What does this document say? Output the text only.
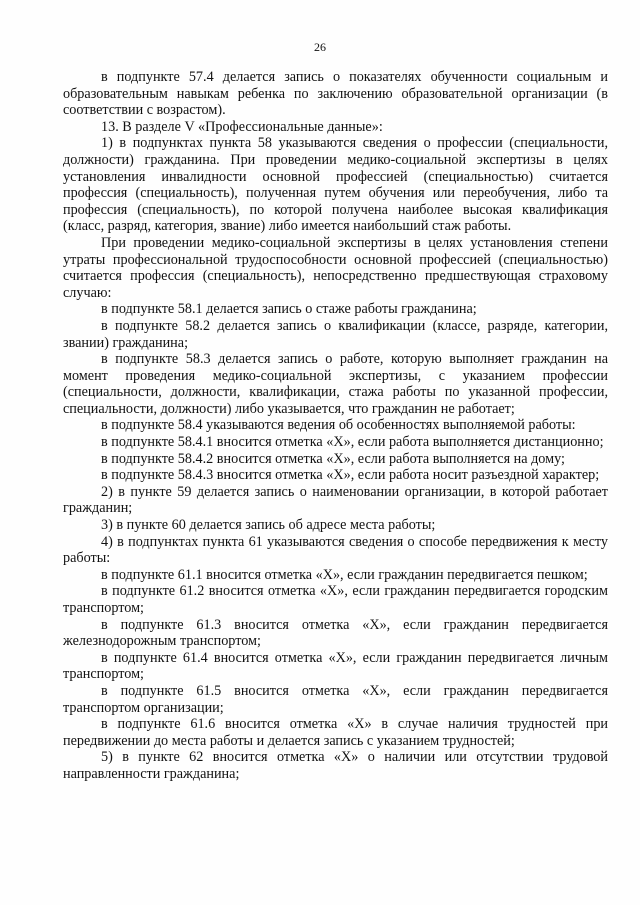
26

в подпункте 57.4 делается запись о показателях обученности социальным и образовательным навыкам ребенка по заключению образовательной организации (в соответствии с возрастом).

13. В разделе V «Профессиональные данные»:

1) в подпунктах пункта 58 указываются сведения о профессии (специальности, должности) гражданина. При проведении медико-социальной экспертизы в целях установления инвалидности основной профессией (специальностью) считается профессия (специальность), полученная путем обучения или переобучения, либо та профессия (специальность), по которой получена наиболее высокая квалификация (класс, разряд, категория, звание) либо имеется наибольший стаж работы.

При проведении медико-социальной экспертизы в целях установления степени утраты профессиональной трудоспособности основной профессией (специальностью) считается профессия (специальность), непосредственно предшествующая страховому случаю:

в подпункте 58.1 делается запись о стаже работы гражданина;

в подпункте 58.2 делается запись о квалификации (классе, разряде, категории, звании) гражданина;

в подпункте 58.3 делается запись о работе, которую выполняет гражданин на момент проведения медико-социальной экспертизы, с указанием профессии (специальности, должности, квалификации, стажа работы по указанной профессии, специальности, должности) либо указывается, что гражданин не работает;

в подпункте 58.4 указываются ведения об особенностях выполняемой работы:

в подпункте 58.4.1 вносится отметка «Х», если работа выполняется дистанционно;

в подпункте 58.4.2 вносится отметка «Х», если работа выполняется на дому;

в подпункте 58.4.3 вносится отметка «Х», если работа носит разъездной характер;

2) в пункте 59 делается запись о наименовании организации, в которой работает гражданин;

3) в пункте 60 делается запись об адресе места работы;

4) в подпунктах пункта 61 указываются сведения о способе передвижения к месту работы:

в подпункте 61.1 вносится отметка «Х», если гражданин передвигается пешком;

в подпункте 61.2 вносится отметка «Х», если гражданин передвигается городским транспортом;

в подпункте 61.3 вносится отметка «Х», если гражданин передвигается железнодорожным транспортом;

в подпункте 61.4 вносится отметка «Х», если гражданин передвигается личным транспортом;

в подпункте 61.5 вносится отметка «Х», если гражданин передвигается транспортом организации;

в подпункте 61.6 вносится отметка «Х» в случае наличия трудностей при передвижении до места работы и делается запись с указанием трудностей;

5) в пункте 62 вносится отметка «Х» о наличии или отсутствии трудовой направленности гражданина;
